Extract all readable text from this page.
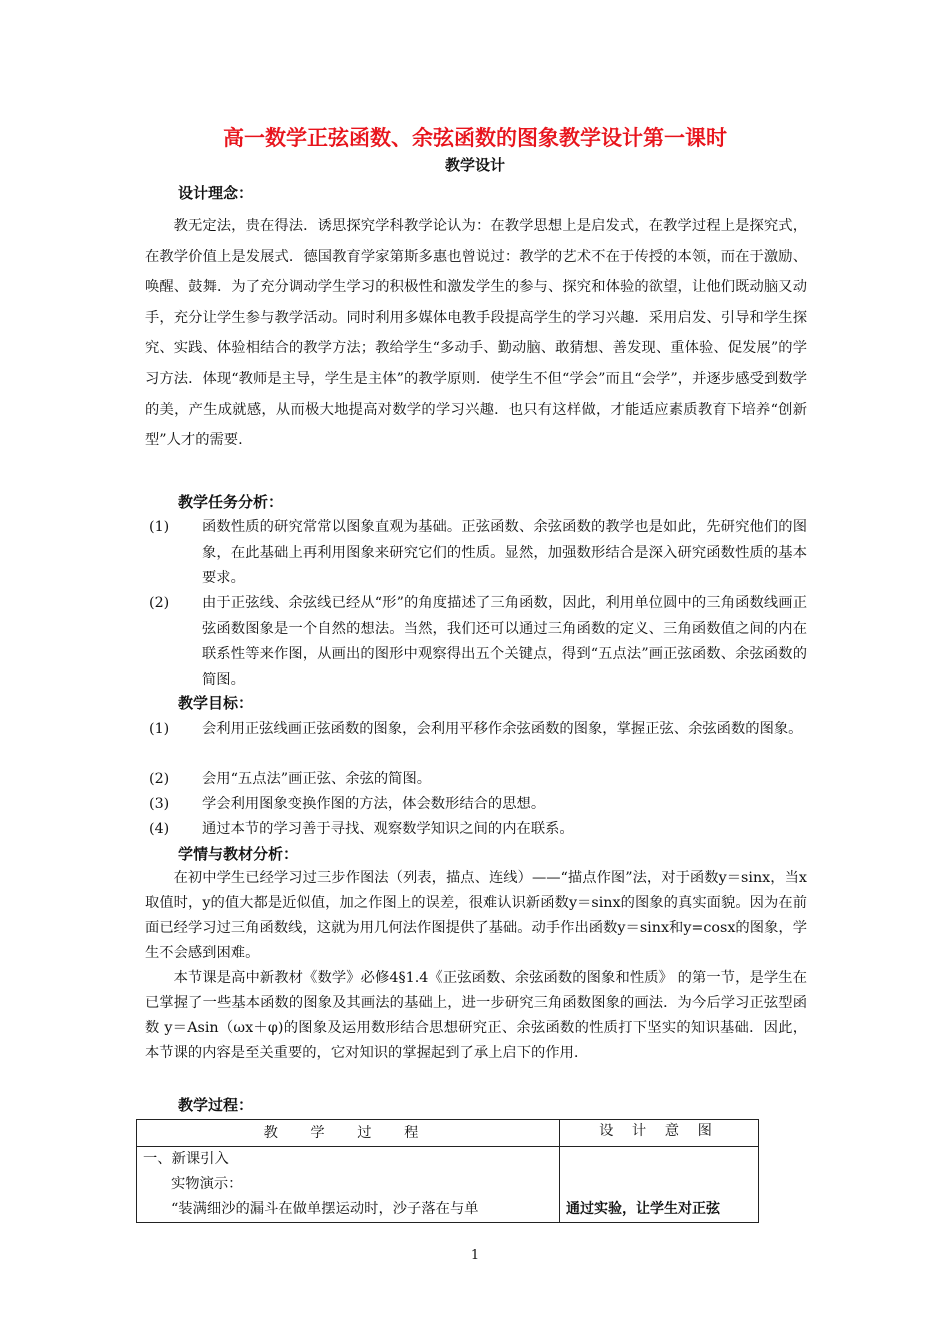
高一数学正弦函数、余弦函数的图象教学设计第一课时
教学设计
设计理念：

教无定法，贵在得法．诱思探究学科教学论认为：在教学思想上是启发式，在教学过程上是探究式，在教学价值上是发展式．德国教育学家第斯多惠也曾说过：教学的艺术不在于传授的本领，而在于激励、唤醒、鼓舞．为了充分调动学生学习的积极性和激发学生的参与、探究和体验的欲望，让他们既动脑又动手，充分让学生参与教学活动。同时利用多媒体电教手段提高学生的学习兴趣．采用启发、引导和学生探究、实践、体验相结合的教学方法；教给学生“多动手、勤动脑、敢猜想、善发现、重体验、促发展”的学习方法．体现“教师是主导，学生是主体”的教学原则．使学生不但“学会”而且“会学”，并逐步感受到数学的美，产生成就感，从而极大地提高对数学的学习兴趣．也只有这样做，才能适应素质教育下培养“创新型”人才的需要.

教学任务分析：
(1) 函数性质的研究常常以图象直观为基础。正弦函数、余弦函数的教学也是如此，先研究他们的图象，在此基础上再利用图象来研究它们的性质。显然，加强数形结合是深入研究函数性质的基本要求。
(2) 由于正弦线、余弦线已经从“形”的角度描述了三角函数，因此，利用单位圆中的三角函数线画正弦函数图象是一个自然的想法。当然，我们还可以通过三角函数的定义、三角函数值之间的内在联系性等来作图，从画出的图形中观察得出五个关键点，得到“五点法”画正弦函数、余弦函数的简图。
教学目标：
(1) 会利用正弦线画正弦函数的图象，会利用平移作余弦函数的图象，掌握正弦、余弦函数的图象。
(2) 会用“五点法”画正弦、余弦的简图。
(3) 学会利用图象变换作图的方法，体会数形结合的思想。
(4) 通过本节的学习善于寻找、观察数学知识之间的内在联系。
学情与教材分析：

在初中学生已经学习过三步作图法（列表，描点、连线）——“描点作图”法，对于函数y＝sinx，当x取值时，y的值大都是近似值，加之作图上的误差，很难认识新函数y＝sinx的图象的真实面貌。因为在前面已经学习过三角函数线，这就为用几何法作图提供了基础。动手作出函数y＝sinx和y=cosx的图象，学生不会感到困难。

本节课是高中新教材《数学》必修4§1.4《正弦函数、余弦函数的图象和性质》 的第一节，是学生在已掌握了一些基本函数的图象及其画法的基础上，进一步研究三角函数图象的画法．为今后学习正弦型函数 y＝Asin（ωx＋φ)的图象及运用数形结合思想研究正、余弦函数的性质打下坚实的知识基础．因此，本节课的内容是至关重要的，它对知识的掌握起到了承上启下的作用.

教学过程：
教 学 过 程	设 计 意 图

一、新课引入
实物演示：
“装满细沙的漏斗在做单摆运动时，沙子落在与单	通过实验，让学生对正弦
1
